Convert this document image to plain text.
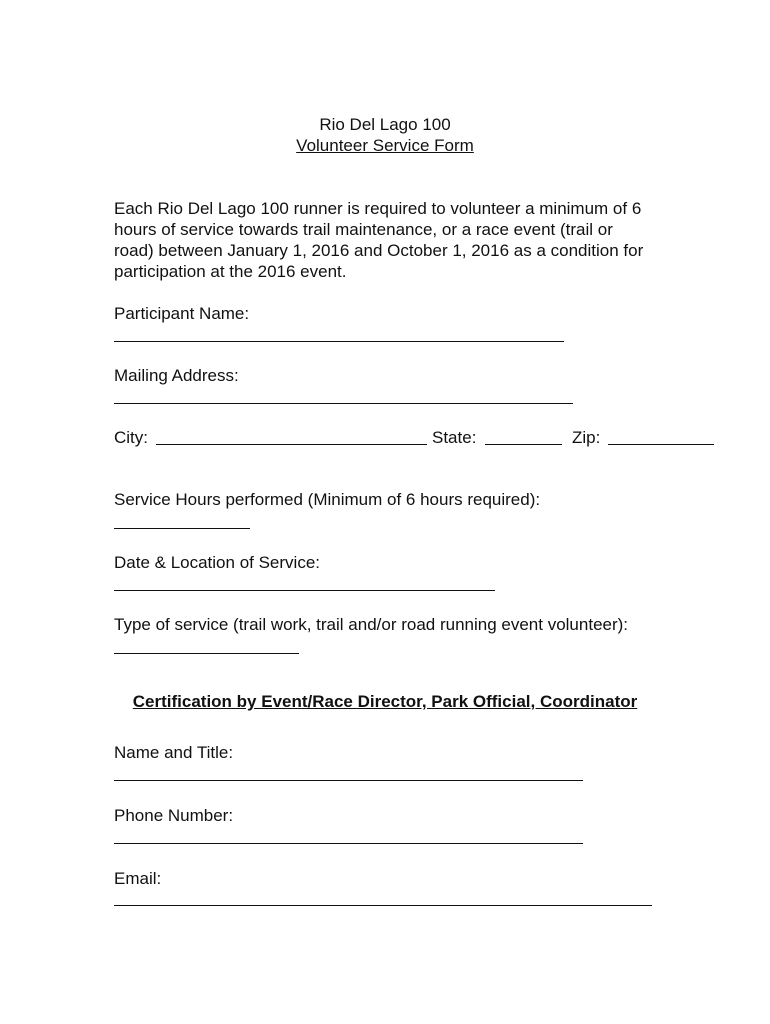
Rio Del Lago 100
Volunteer Service Form
Each Rio Del Lago 100 runner is required to volunteer a minimum of 6 hours of service towards trail maintenance, or a race event (trail or road) between January 1, 2016 and October 1, 2016 as a condition for participation at the 2016 event.
Participant Name:
Mailing Address:
City:	State:	Zip:
Service Hours performed (Minimum of 6 hours required):
Date & Location of Service:
Type of service (trail work, trail and/or road running event volunteer):
Certification by Event/Race Director, Park Official, Coordinator
Name and Title:
Phone Number:
Email:
